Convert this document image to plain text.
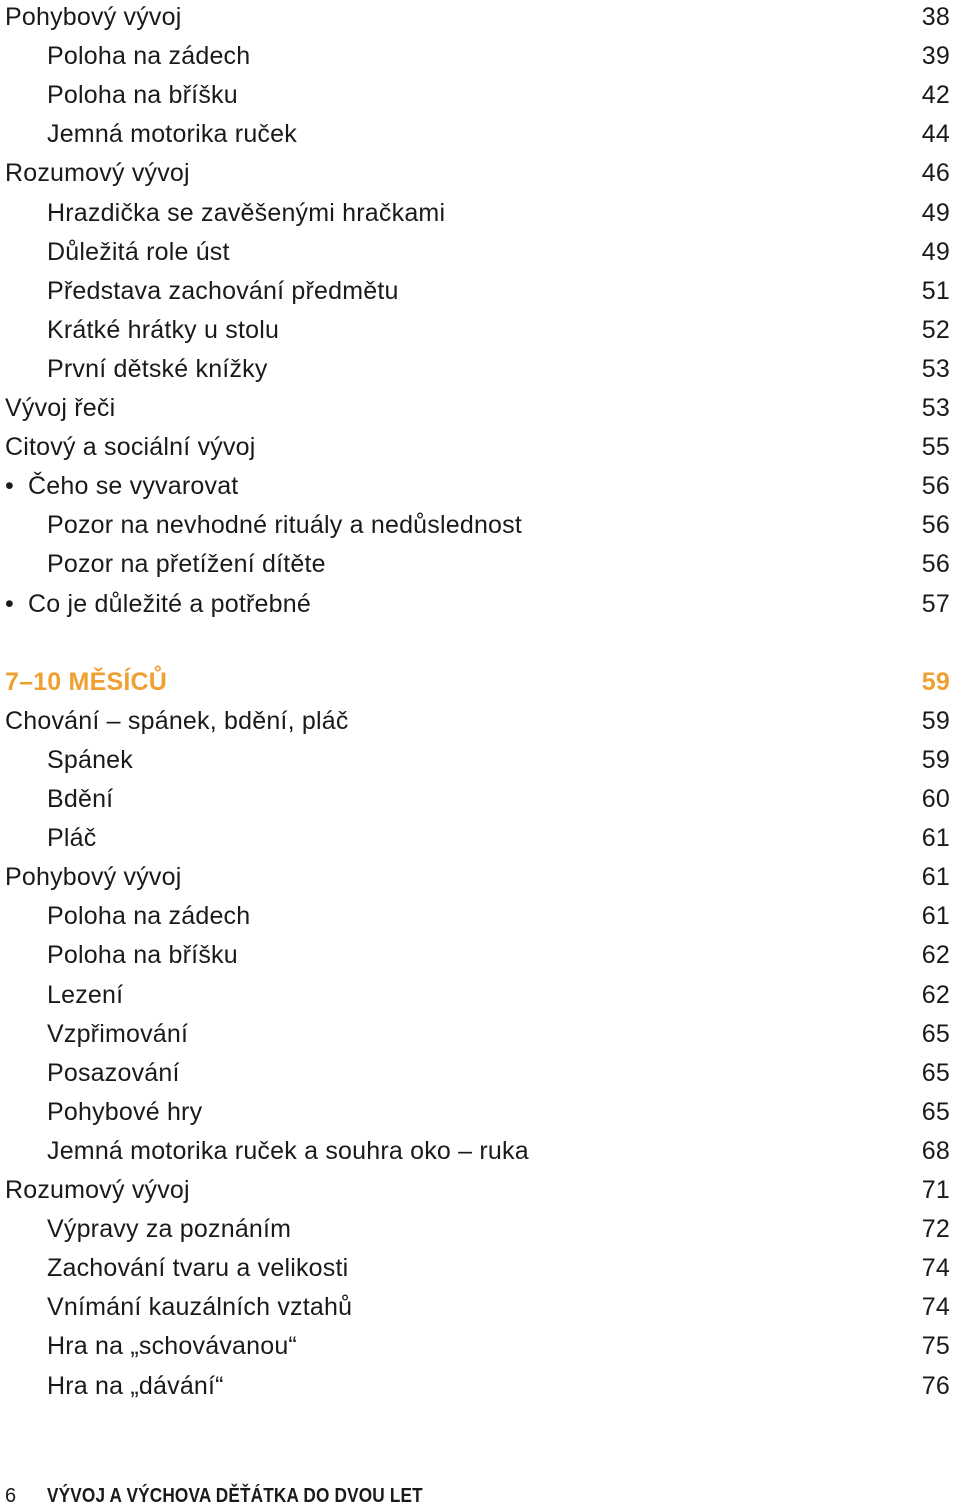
Pohybový vývoj	38
Poloha na zádech	39
Poloha na bříšku	42
Jemná motorika ruček	44
Rozumový vývoj	46
Hrazdička se zavěšenými hračkami	49
Důležitá role úst	49
Představa zachování předmětu	51
Krátké hrátky u stolu	52
První dětské knížky	53
Vývoj řeči	53
Citový a sociální vývoj	55
• Čeho se vyvarovat	56
Pozor na nevhodné rituály a nedůslednost	56
Pozor na přetížení dítěte	56
• Co je důležité a potřebné	57
7–10 MĚSÍCŮ	59
Chování – spánek, bdění, pláč	59
Spánek	59
Bdění	60
Pláč	61
Pohybový vývoj	61
Poloha na zádech	61
Poloha na bříšku	62
Lezení	62
Vzpřimování	65
Posazování	65
Pohybové hry	65
Jemná motorika ruček a souhra oko – ruka	68
Rozumový vývoj	71
Výpravy za poznáním	72
Zachování tvaru a velikosti	74
Vnímání kauzálních vztahů	74
Hra na „schovávanou“	75
Hra na „dávání“	76
6 VÝVOJ A VÝCHOVA DĚŤÁTKA DO DVOU LET
